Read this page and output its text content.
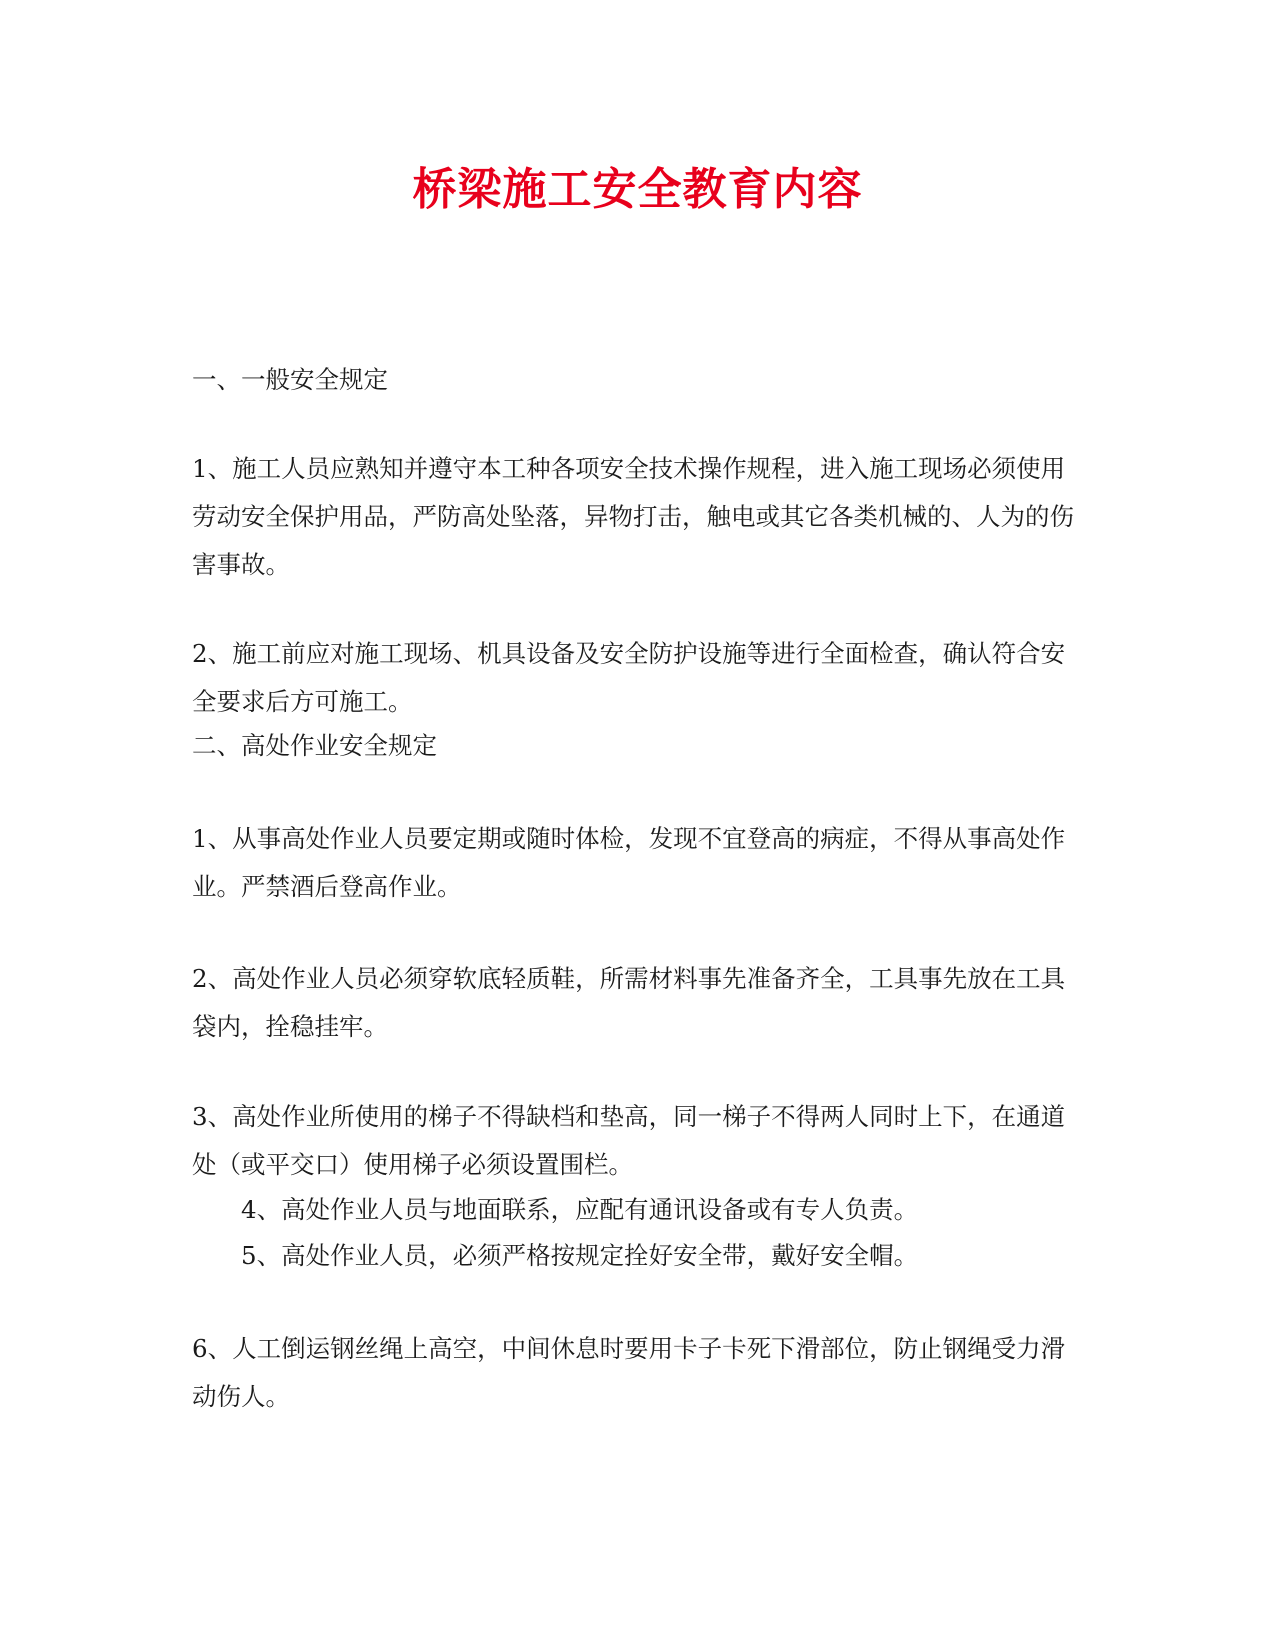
桥梁施工安全教育内容

一、一般安全规定

1、施工人员应熟知并遵守本工种各项安全技术操作规程，进入施工现场必须使用劳动安全保护用品，严防高处坠落，异物打击，触电或其它各类机械的、人为的伤害事故。

2、施工前应对施工现场、机具设备及安全防护设施等进行全面检查，确认符合安全要求后方可施工。

二、高处作业安全规定

1、从事高处作业人员要定期或随时体检，发现不宜登高的病症，不得从事高处作业。严禁酒后登高作业。

2、高处作业人员必须穿软底轻质鞋，所需材料事先准备齐全，工具事先放在工具袋内，拴稳挂牢。

3、高处作业所使用的梯子不得缺档和垫高，同一梯子不得两人同时上下，在通道处（或平交口）使用梯子必须设置围栏。

4、高处作业人员与地面联系，应配有通讯设备或有专人负责。

5、高处作业人员，必须严格按规定拴好安全带，戴好安全帽。

6、人工倒运钢丝绳上高空，中间休息时要用卡子卡死下滑部位，防止钢绳受力滑动伤人。
